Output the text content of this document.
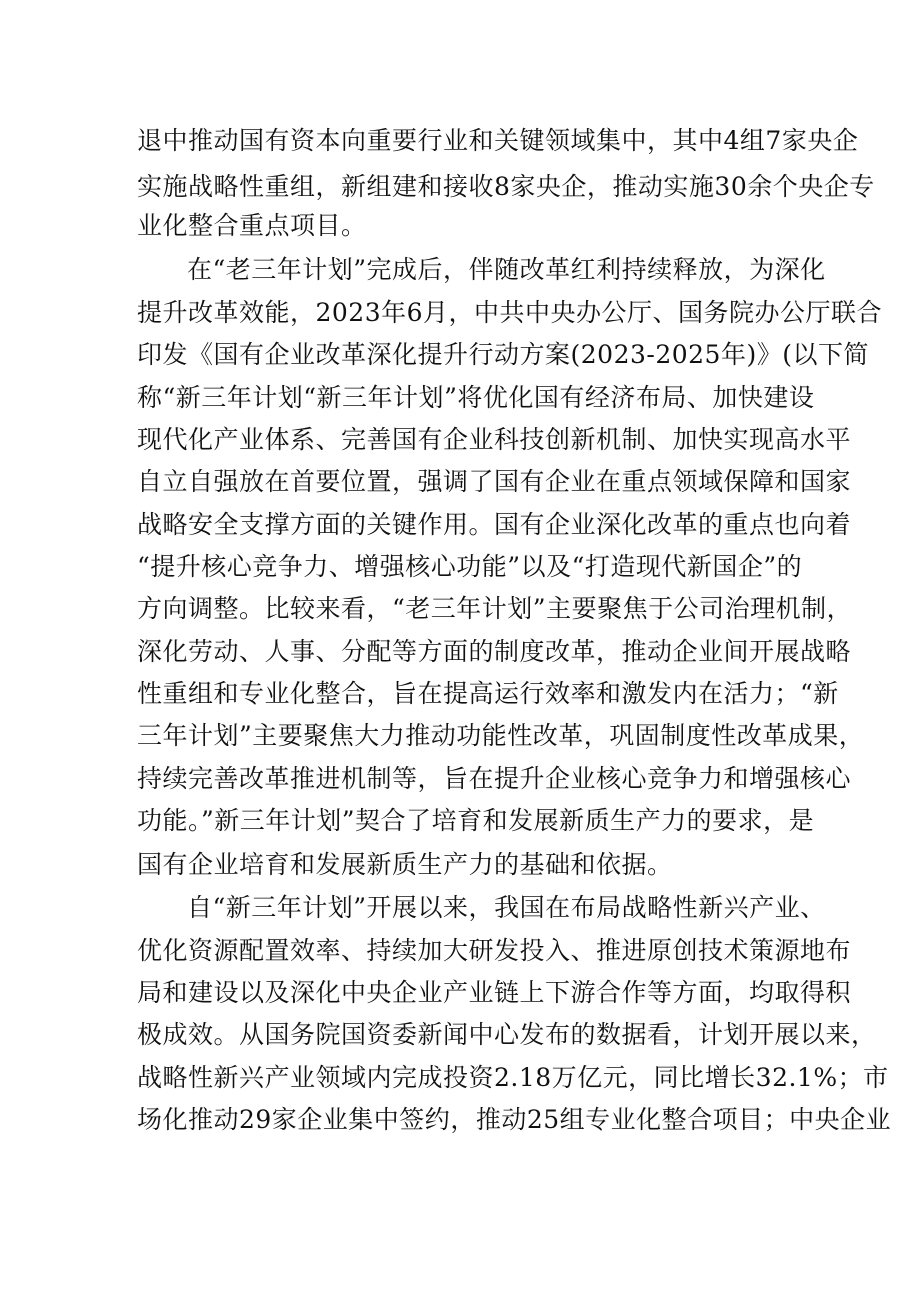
退中推动国有资本向重要行业和关键领域集中，其中4组7家央企
实施战略性重组，新组建和接收8家央企，推动实施30余个央企专
业化整合重点项目。
在“老三年计划”完成后，伴随改革红利持续释放，为深化
提升改革效能，2023年6月，中共中央办公厅、国务院办公厅联合
印发《国有企业改革深化提升行动方案(2023-2025年)》(以下简
称“新三年计划“新三年计划”将优化国有经济布局、加快建设
现代化产业体系、完善国有企业科技创新机制、加快实现高水平
自立自强放在首要位置，强调了国有企业在重点领域保障和国家
战略安全支撑方面的关键作用。国有企业深化改革的重点也向着
“提升核心竞争力、增强核心功能”以及“打造现代新国企”的
方向调整。比较来看，“老三年计划”主要聚焦于公司治理机制，
深化劳动、人事、分配等方面的制度改革，推动企业间开展战略
性重组和专业化整合，旨在提高运行效率和激发内在活力；“新
三年计划”主要聚焦大力推动功能性改革，巩固制度性改革成果，
持续完善改革推进机制等，旨在提升企业核心竞争力和增强核心
功能。”新三年计划”契合了培育和发展新质生产力的要求，是
国有企业培育和发展新质生产力的基础和依据。
自“新三年计划”开展以来，我国在布局战略性新兴产业、
优化资源配置效率、持续加大研发投入、推进原创技术策源地布
局和建设以及深化中央企业产业链上下游合作等方面，均取得积
极成效。从国务院国资委新闻中心发布的数据看，计划开展以来，
战略性新兴产业领域内完成投资2.18万亿元，同比增长32.1%；市
场化推动29家企业集中签约，推动25组专业化整合项目；中央企业
